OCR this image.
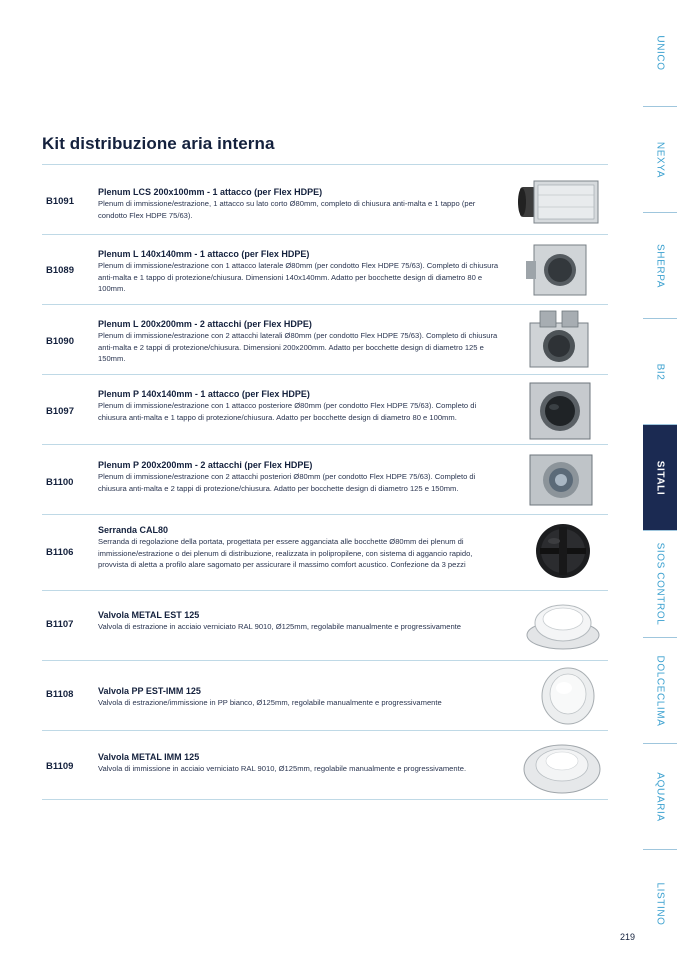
Kit distribuzione aria interna
B1091
Plenum LCS 200x100mm - 1 attacco (per Flex HDPE)
Plenum di immissione/estrazione, 1 attacco su lato corto Ø80mm, completo di chiusura anti-malta e 1 tappo (per condotto Flex HDPE 75/63).
B1089
Plenum L 140x140mm - 1 attacco (per Flex HDPE)
Plenum di immissione/estrazione con 1 attacco laterale Ø80mm (per condotto Flex HDPE 75/63). Completo di chiusura anti-malta e 1 tappo di protezione/chiusura. Dimensioni 140x140mm. Adatto per bocchette design di diametro 80 e 100mm.
B1090
Plenum L 200x200mm - 2 attacchi (per Flex HDPE)
Plenum di immissione/estrazione con 2 attacchi laterali Ø80mm (per condotto Flex HDPE 75/63). Completo di chiusura anti-malta e 2 tappi di protezione/chiusura. Dimensioni 200x200mm. Adatto per bocchette design di diametro 125 e 150mm.
B1097
Plenum P 140x140mm - 1 attacco (per Flex HDPE)
Plenum di immissione/estrazione con 1 attacco posteriore Ø80mm (per condotto Flex HDPE 75/63). Completo di chiusura anti-malta e 1 tappo di protezione/chiusura. Adatto per bocchette design di diametro 80 e 100mm.
B1100
Plenum P 200x200mm - 2 attacchi (per Flex HDPE)
Plenum di immissione/estrazione con 2 attacchi posteriori Ø80mm (per condotto Flex HDPE 75/63). Completo di chiusura anti-malta e 2 tappi di protezione/chiusura. Adatto per bocchette design di diametro 125 e 150mm.
B1106
Serranda CAL80
Serranda di regolazione della portata, progettata per essere agganciata alle bocchette Ø80mm dei plenum di immissione/estrazione o dei plenum di distribuzione, realizzata in polipropilene, con sistema di aggancio rapido, provvista di aletta a profilo alare sagomato per assicurare il massimo comfort acustico. Confezione da 3 pezzi
B1107
Valvola METAL EST 125
Valvola di estrazione in acciaio verniciato RAL 9010, Ø125mm, regolabile manualmente e progressivamente
B1108	Valvola PP EST-IMM 125
Valvola di estrazione/immissione in PP bianco, Ø125mm, regolabile manualmente e progressivamente
B1109
Valvola METAL IMM 125
Valvola di immissione in acciaio verniciato RAL 9010, Ø125mm, regolabile manualmente e progressivamente.
UNICO
NEXYA
SHERPA
BI2
SITALI
SIOS CONTROL
DOLCECLIMA
AQUARIA
LISTINO
219
